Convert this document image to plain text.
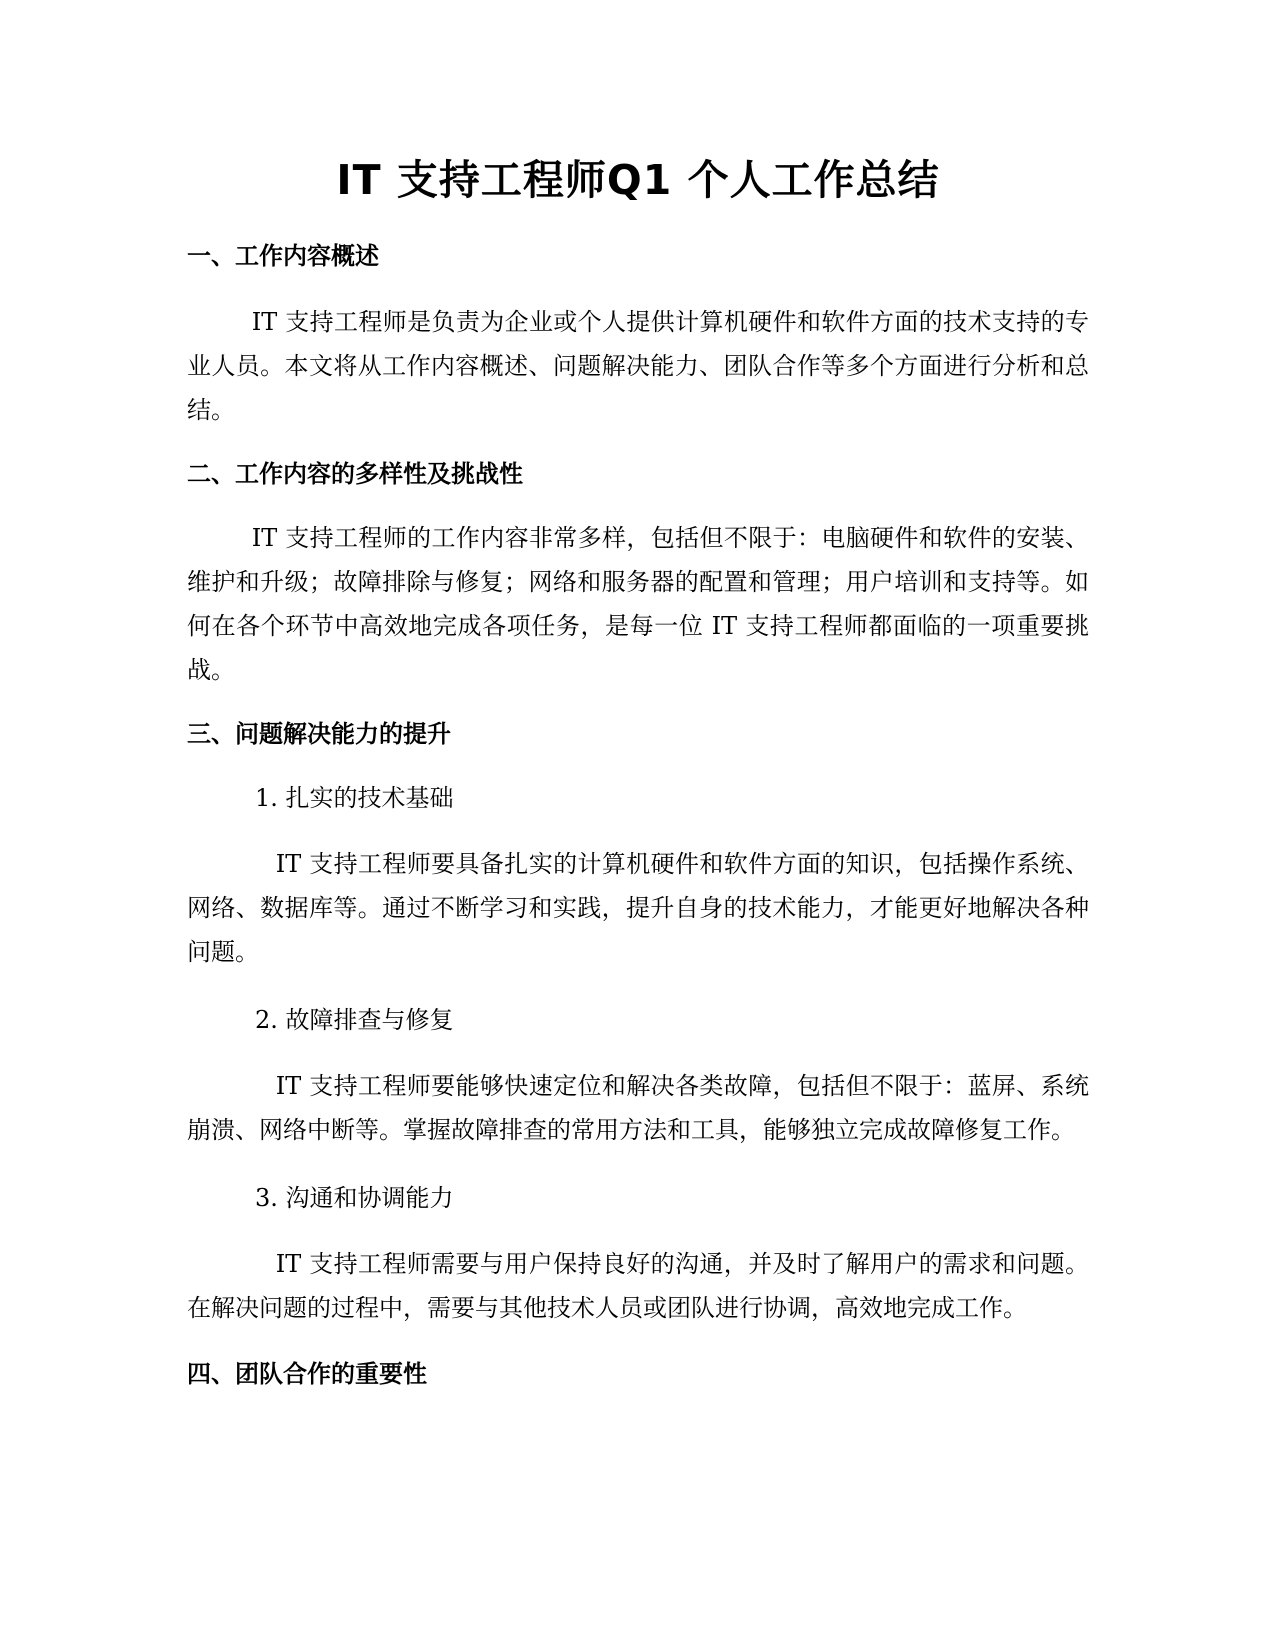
IT 支持工程师Q1 个人工作总结
一、工作内容概述

IT 支持工程师是负责为企业或个人提供计算机硬件和软件方面的技术支持的专业人员。本文将从工作内容概述、问题解决能力、团队合作等多个方面进行分析和总结。

二、工作内容的多样性及挑战性

IT 支持工程师的工作内容非常多样，包括但不限于：电脑硬件和软件的安装、维护和升级；故障排除与修复；网络和服务器的配置和管理；用户培训和支持等。如何在各个环节中高效地完成各项任务，是每一位 IT 支持工程师都面临的一项重要挑战。

三、问题解决能力的提升

1. 扎实的技术基础

IT 支持工程师要具备扎实的计算机硬件和软件方面的知识，包括操作系统、网络、数据库等。通过不断学习和实践，提升自身的技术能力，才能更好地解决各种问题。

2. 故障排查与修复

IT 支持工程师要能够快速定位和解决各类故障，包括但不限于：蓝屏、系统崩溃、网络中断等。掌握故障排查的常用方法和工具，能够独立完成故障修复工作。

3. 沟通和协调能力

IT 支持工程师需要与用户保持良好的沟通，并及时了解用户的需求和问题。在解决问题的过程中，需要与其他技术人员或团队进行协调，高效地完成工作。

四、团队合作的重要性
